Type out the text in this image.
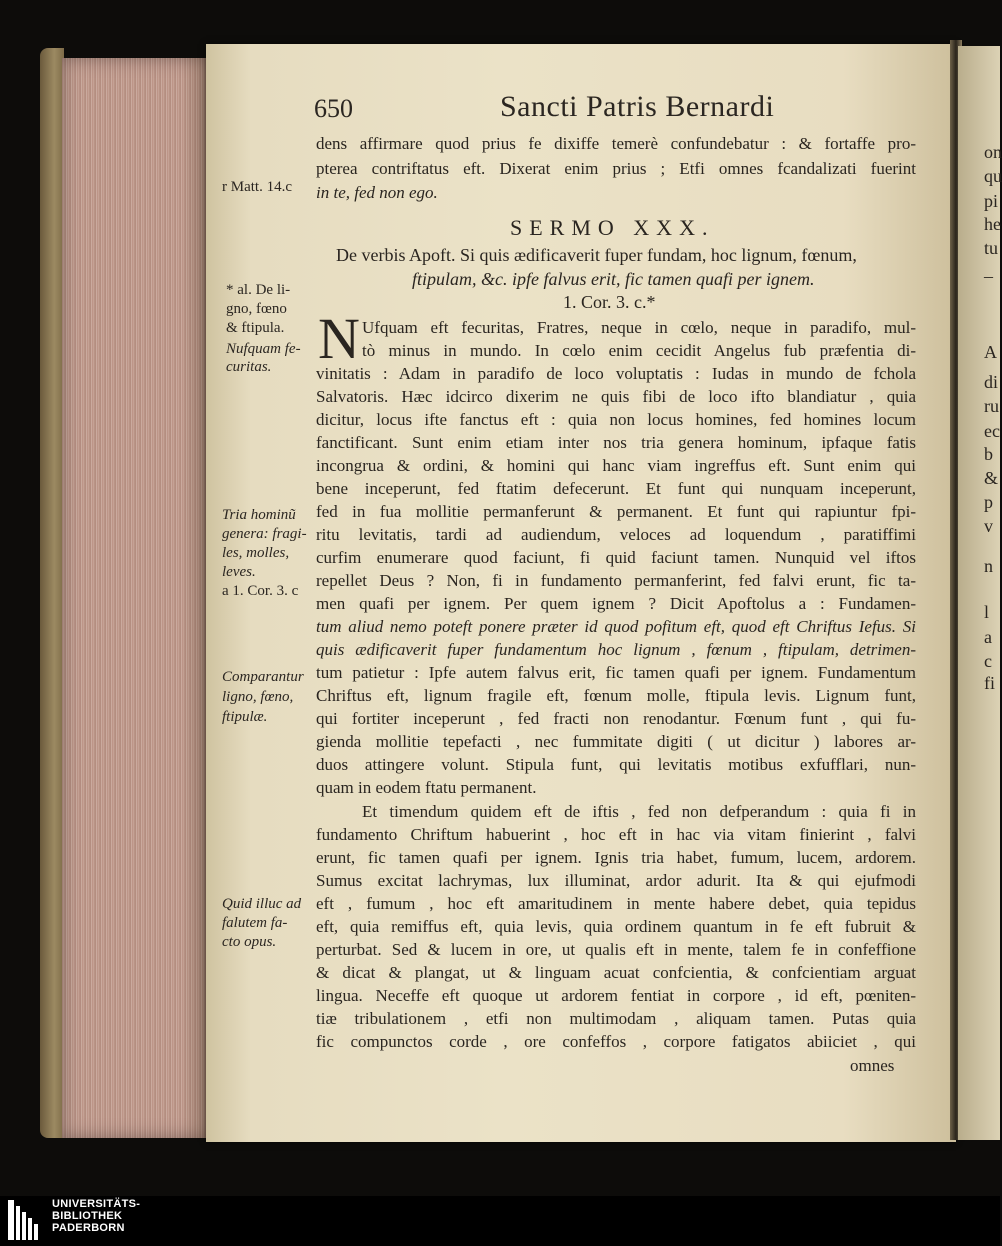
on
qu
pi
he
tu
–
A
di
ru
ec
b
&
p
v
n
l
a
c
fi
650	Sancti Patris Bernardi
r Matt. 14.c
* al. De li-
gno, fœno
& ftipula.
Nufquam fe-
curitas.
Tria hominũ
genera: fragi-
les, molles,
leves.
a 1. Cor. 3. c
Comparantur
ligno, fœno,
ftipulæ.
Quid illuc ad
falutem fa-
cto opus.
dens affirmare quod prius fe dixiffe temerè confundebatur : & fortaffe pro-
pterea contriftatus eft. Dixerat enim prius ; Etfi omnes fcandalizati fuerint
in te, fed non ego.
SERMO XXX.
De verbis Apoft. Si quis ædificaverit fuper fundam, hoc lignum, fœnum,
ftipulam, &c. ipfe falvus erit, fic tamen quafi per ignem.
1. Cor. 3. c.*
N Ufquam eft fecuritas, Fratres, neque in cœlo, neque in paradifo, mul-
tò minus in mundo. In cœlo enim cecidit Angelus fub præfentia di-
vinitatis : Adam in paradifo de loco voluptatis : Iudas in mundo de fchola
Salvatoris. Hæc idcirco dixerim ne quis fibi de loco ifto blandiatur , quia
dicitur, locus ifte fanctus eft : quia non locus homines, fed homines locum
fanctificant. Sunt enim etiam inter nos tria genera hominum, ipfaque fatis
incongrua & ordini, & homini qui hanc viam ingreffus eft. Sunt enim qui
bene inceperunt, fed ftatim defecerunt. Et funt qui nunquam inceperunt,
fed in fua mollitie permanferunt & permanent. Et funt qui rapiuntur fpi-
ritu levitatis, tardi ad audiendum, veloces ad loquendum , paratiffimi
curfim enumerare quod faciunt, fi quid faciunt tamen. Nunquid vel iftos
repellet Deus ? Non, fi in fundamento permanferint, fed falvi erunt, fic ta-
men quafi per ignem. Per quem ignem ? Dicit Apoftolus a : Fundamen-
tum aliud nemo poteft ponere præter id quod pofitum eft, quod eft Chriftus Iefus. Si
quis ædificaverit fuper fundamentum hoc lignum , fœnum , ftipulam, detrimen-
tum patietur : Ipfe autem falvus erit, fic tamen quafi per ignem. Fundamentum
Chriftus eft, lignum fragile eft, fœnum molle, ftipula levis. Lignum funt,
qui fortiter inceperunt , fed fracti non renodantur. Fœnum funt , qui fu-
gienda mollitie tepefacti , nec fummitate digiti ( ut dicitur ) labores ar-
duos attingere volunt. Stipula funt, qui levitatis motibus exfufflari, nun-
quam in eodem ftatu permanent.
Et timendum quidem eft de iftis , fed non defperandum : quia fi in
fundamento Chriftum habuerint , hoc eft in hac via vitam finierint , falvi
erunt, fic tamen quafi per ignem. Ignis tria habet, fumum, lucem, ardorem.
Sumus excitat lachrymas, lux illuminat, ardor adurit. Ita & qui ejufmodi
eft , fumum , hoc eft amaritudinem in mente habere debet, quia tepidus
eft, quia remiffus eft, quia levis, quia ordinem quantum in fe eft fubruit &
perturbat. Sed & lucem in ore, ut qualis eft in mente, talem fe in confeffione
& dicat & plangat, ut & linguam acuat confcientia, & confcientiam arguat
lingua. Neceffe eft quoque ut ardorem fentiat in corpore , id eft, pœniten-
tiæ tribulationem , etfi non multimodam , aliquam tamen. Putas quia
fic compunctos corde , ore confeffos , corpore fatigatos abiiciet , qui
omnes
UNIVERSITÄTS-
BIBLIOTHEK
PADERBORN
